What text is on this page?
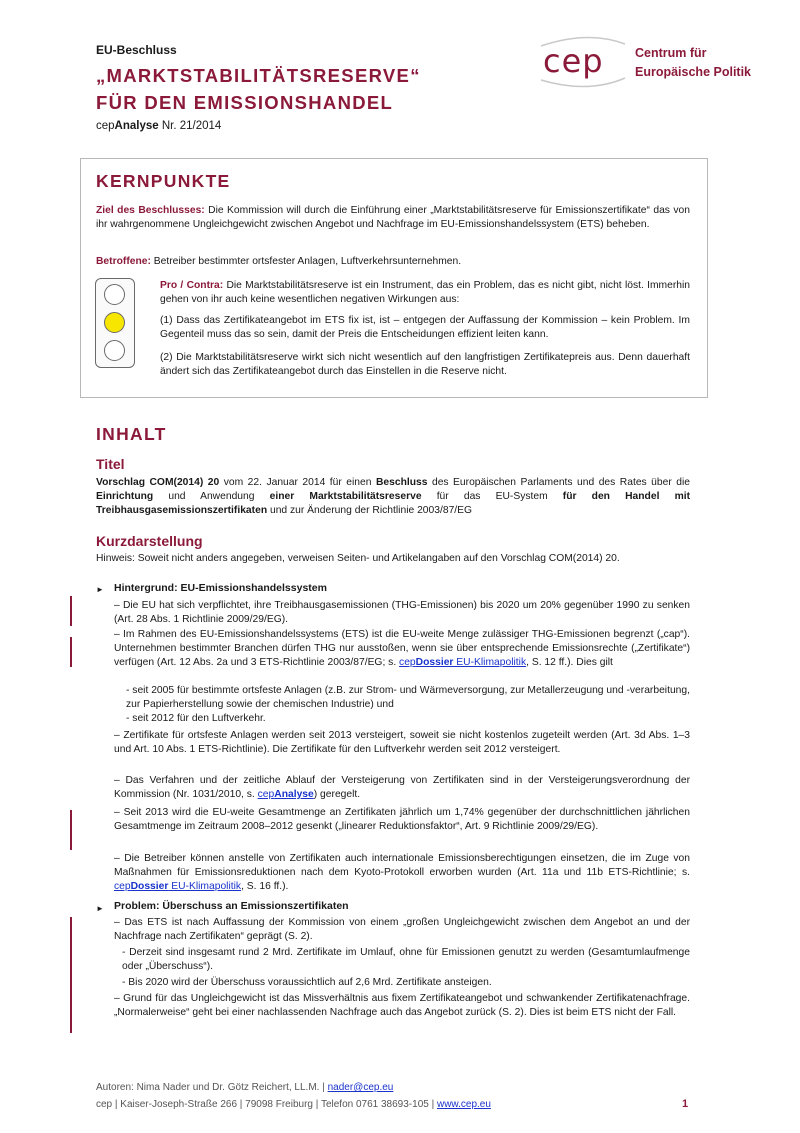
EU-Beschluss
„MARKTSTABILITÄTSRESERVE“
FÜR DEN EMISSIONSHANDEL
cepAnalyse Nr. 21/2014
cep	Centrum für
Europäische Politik
KERNPUNKTE
Ziel des Beschlusses: Die Kommission will durch die Einführung einer „Marktstabilitätsreserve für Emissionszertifikate“ das von ihr wahrgenommene Ungleichgewicht zwischen Angebot und Nachfrage im EU-Emissionshandelssystem (ETS) beheben.
Betroffene: Betreiber bestimmter ortsfester Anlagen, Luftverkehrsunternehmen.
Pro / Contra: Die Marktstabilitätsreserve ist ein Instrument, das ein Problem, das es nicht gibt, nicht löst. Immerhin gehen von ihr auch keine wesentlichen negativen Wirkungen aus:
(1) Dass das Zertifikateangebot im ETS fix ist, ist – entgegen der Auffassung der Kommission – kein Problem. Im Gegenteil muss das so sein, damit der Preis die Entscheidungen effizient leiten kann.
(2) Die Marktstabilitätsreserve wirkt sich nicht wesentlich auf den langfristigen Zertifikatepreis aus. Denn dauerhaft ändert sich das Zertifikateangebot durch das Einstellen in die Reserve nicht.
INHALT
Titel
Vorschlag COM(2014) 20 vom 22. Januar 2014 für einen Beschluss des Europäischen Parlaments und des Rates über die Einrichtung und Anwendung einer Marktstabilitätsreserve für das EU-System für den Handel mit Treibhausgasemissionszertifikaten und zur Änderung der Richtlinie 2003/87/EG
Kurzdarstellung
Hinweis: Soweit nicht anders angegeben, verweisen Seiten- und Artikelangaben auf den Vorschlag COM(2014) 20.
► Hintergrund: EU-Emissionshandelssystem
– Die EU hat sich verpflichtet, ihre Treibhausgasemissionen (THG-Emissionen) bis 2020 um 20% gegenüber 1990 zu senken (Art. 28 Abs. 1 Richtlinie 2009/29/EG).
– Im Rahmen des EU-Emissionshandelssystems (ETS) ist die EU-weite Menge zulässiger THG-Emissionen begrenzt („cap“). Unternehmen bestimmter Branchen dürfen THG nur ausstoßen, wenn sie über entsprechende Emissionsrechte („Zertifikate“) verfügen (Art. 12 Abs. 2a und 3 ETS-Richtlinie 2003/87/EG; s. cepDossier EU-Klimapolitik, S. 12 ff.). Dies gilt
- seit 2005 für bestimmte ortsfeste Anlagen (z.B. zur Strom- und Wärmeversorgung, zur Metallerzeugung und -verarbeitung, zur Papierherstellung sowie der chemischen Industrie) und
- seit 2012 für den Luftverkehr.
– Zertifikate für ortsfeste Anlagen werden seit 2013 versteigert, soweit sie nicht kostenlos zugeteilt werden (Art. 3d Abs. 1–3 und Art. 10 Abs. 1 ETS-Richtlinie). Die Zertifikate für den Luftverkehr werden seit 2012 versteigert.
– Das Verfahren und der zeitliche Ablauf der Versteigerung von Zertifikaten sind in der Versteigerungsverordnung der Kommission (Nr. 1031/2010, s. cepAnalyse) geregelt.
– Seit 2013 wird die EU-weite Gesamtmenge an Zertifikaten jährlich um 1,74% gegenüber der durchschnittlichen jährlichen Gesamtmenge im Zeitraum 2008–2012 gesenkt („linearer Reduktionsfaktor“, Art. 9 Richtlinie 2009/29/EG).
– Die Betreiber können anstelle von Zertifikaten auch internationale Emissionsberechtigungen einsetzen, die im Zuge von Maßnahmen für Emissionsreduktionen nach dem Kyoto-Protokoll erworben wurden (Art. 11a und 11b ETS-Richtlinie; s. cepDossier EU-Klimapolitik, S. 16 ff.).
► Problem: Überschuss an Emissionszertifikaten
– Das ETS ist nach Auffassung der Kommission von einem „großen Ungleichgewicht zwischen dem Angebot an und der Nachfrage nach Zertifikaten“ geprägt (S. 2).
- Derzeit sind insgesamt rund 2 Mrd. Zertifikate im Umlauf, ohne für Emissionen genutzt zu werden (Gesamtumlaufmenge oder „Überschuss“).
- Bis 2020 wird der Überschuss voraussichtlich auf 2,6 Mrd. Zertifikate ansteigen.
– Grund für das Ungleichgewicht ist das Missverhältnis aus fixem Zertifikateangebot und schwankender Zertifikatenachfrage. „Normalerweise“ geht bei einer nachlassenden Nachfrage auch das Angebot zurück (S. 2). Dies ist beim ETS nicht der Fall.
Autoren: Nima Nader und Dr. Götz Reichert, LL.M. | nader@cep.eu
cep | Kaiser-Joseph-Straße 266 | 79098 Freiburg | Telefon 0761 38693-105 | www.cep.eu	1
